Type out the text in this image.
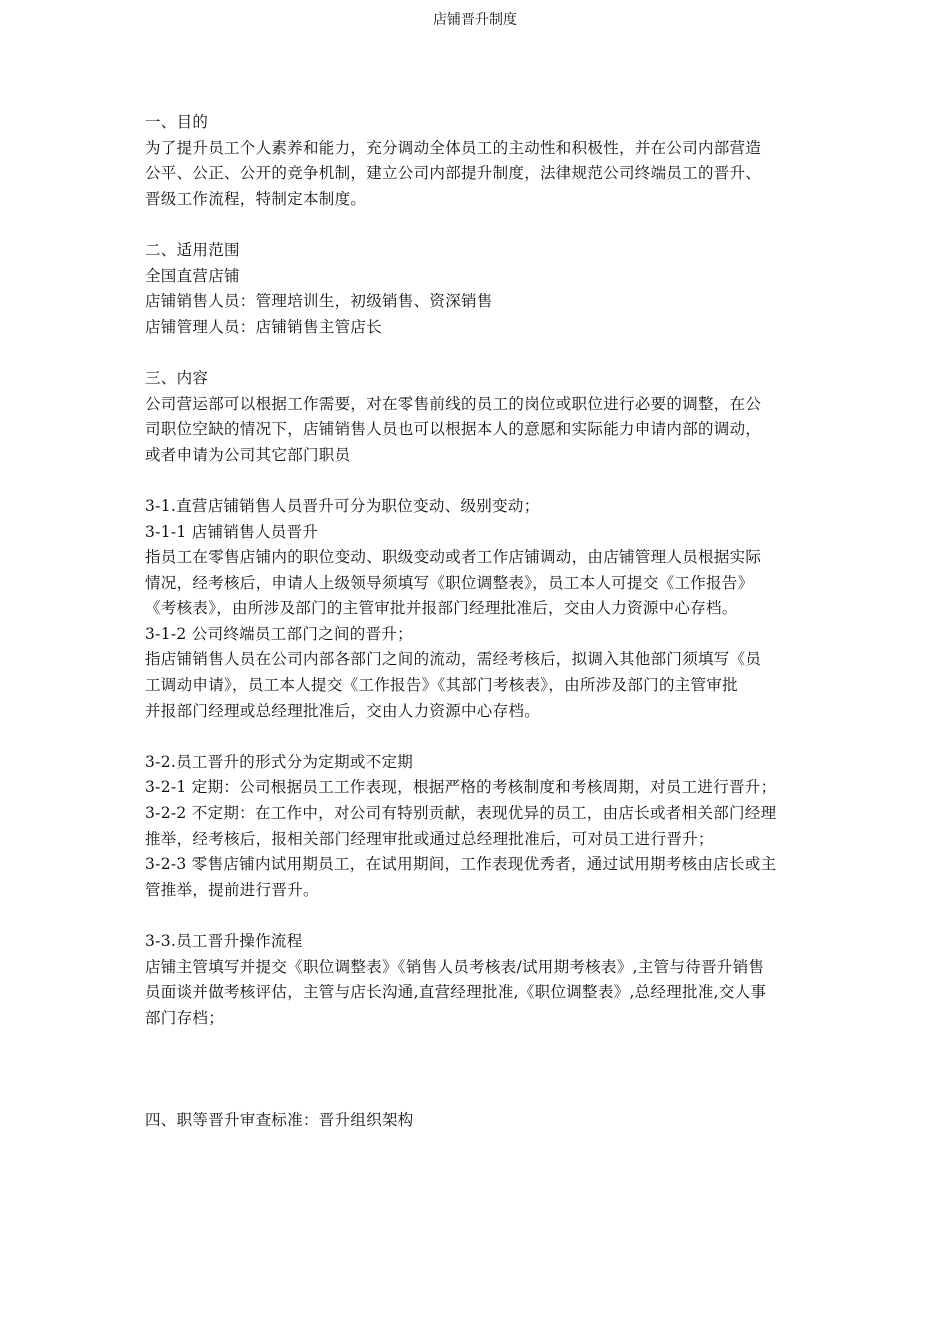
店铺晋升制度
一、目的
为了提升员工个人素养和能力，充分调动全体员工的主动性和积极性，并在公司内部营造
公平、公正、公开的竞争机制，建立公司内部提升制度，法律规范公司终端员工的晋升、
晋级工作流程，特制定本制度。
二、适用范围
全国直营店铺
店铺销售人员：管理培训生，初级销售、资深销售
店铺管理人员：店铺销售主管店长
三、内容
公司营运部可以根据工作需要，对在零售前线的员工的岗位或职位进行必要的调整，在公
司职位空缺的情况下，店铺销售人员也可以根据本人的意愿和实际能力申请内部的调动，
或者申请为公司其它部门职员
3-1.直营店铺销售人员晋升可分为职位变动、级别变动；
3-1-1 店铺销售人员晋升
指员工在零售店铺内的职位变动、职级变动或者工作店铺调动，由店铺管理人员根据实际
情况，经考核后，申请人上级领导须填写《职位调整表》，员工本人可提交《工作报告》
《考核表》，由所涉及部门的主管审批并报部门经理批准后，交由人力资源中心存档。
3-1-2 公司终端员工部门之间的晋升；
指店铺销售人员在公司内部各部门之间的流动，需经考核后，拟调入其他部门须填写《员
工调动申请》，员工本人提交《工作报告》《其部门考核表》，由所涉及部门的主管审批
并报部门经理或总经理批准后，交由人力资源中心存档。
3-2.员工晋升的形式分为定期或不定期
3-2-1 定期：公司根据员工工作表现，根据严格的考核制度和考核周期，对员工进行晋升；
3-2-2 不定期：在工作中，对公司有特别贡献，表现优异的员工，由店长或者相关部门经理
推举，经考核后，报相关部门经理审批或通过总经理批准后，可对员工进行晋升；
3-2-3 零售店铺内试用期员工，在试用期间，工作表现优秀者，通过试用期考核由店长或主
管推举，提前进行晋升。
3-3.员工晋升操作流程
店铺主管填写并提交《职位调整表》《销售人员考核表/试用期考核表》,主管与待晋升销售
员面谈并做考核评估，主管与店长沟通,直营经理批准,《职位调整表》,总经理批准,交人事
部门存档；
四、职等晋升审查标准：晋升组织架构
